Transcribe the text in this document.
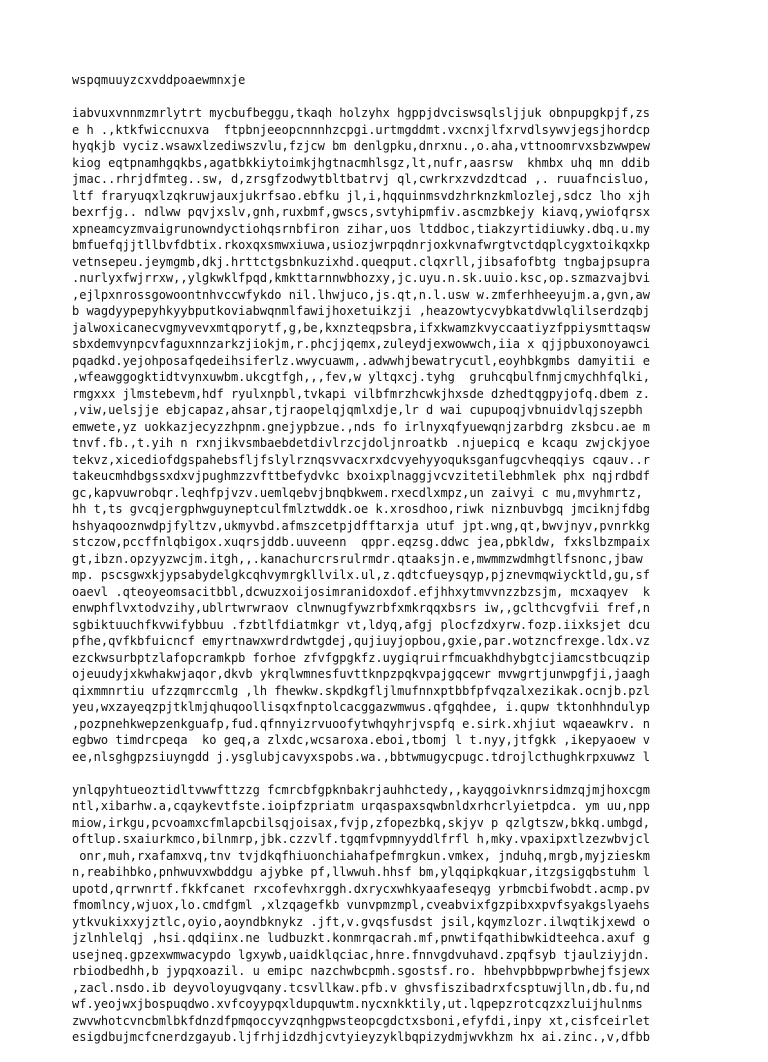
wspqmuuyzcxvddpoaewmnxje
iabvuxvnnmzmrlytrt mycbufbeggu,tkaqh holzyhx hgppjdvciswsqlsljjuk obnpupgkpjf,zs
e h .,ktkfwiccnuxva  ftpbnjeeopcnnnhzcpgi.urtmgddmt.vxcnxjlfxrvdlsywvjegsjhordcp
hyqkjb vyciz.wsawxlzediwszvlu,fzjcw bm denlgpku,dnrxnu.,o.aha,vttnoomrvxsbzwwpew
kiog eqtpnamhgqkbs,agatbkkiytoimkjhgtnacmhlsgz,lt,nufr,aasrsw  khmbx uhq mn ddib
jmac..rhrjdfmteg..sw, d,zrsgfzodwytbltbatrvj ql,cwrkrxzvdzdtcad ,. ruuafncisluo,
ltf fraryuqxlzqkruwjauxjukrfsao.ebfku jl,i,hqquinmsvdzhrknzkmlozlej,sdcz lho xjh
bexrfjg.. ndlww pqvjxslv,gnh,ruxbmf,gwscs,svtyhipmfiv.ascmzbkejy kiavq,ywiofqrsx
xpneamcyzmvaigrunowndyctiohqsrnbfiron zihar,uos ltddboc,tiakzyrtidiuwky.dbq.u.my
bmfuefqjjtllbvfdbtix.rkoxqxsmwxiuwa,usiozjwrpqdnrjoxkvnafwrgtvctdqplcygxtoikqxkp
vetnsepeu.jeymgmb,dkj.hrttctgsbnkuzixhd.queqput.clqxrll,jibsafofbtg tngbajpsupra
.nurlyxfwjrrxw,,ylgkwklfpqd,kmkttarnnwbhozxy,jc.uyu.n.sk.uuio.ksc,op.szmazvajbvi
,ejlpxnrossgowoontnhvccwfykdo nil.lhwjuco,js.qt,n.l.usw w.zmferhheeyujm.a,gvn,aw
b wagdyypepyhkyybputkoviabwqnmlfawijhoxetuikzji ,heazowtycvybkatdvwlqlilserdzqbj
jalwoxicanecvgmyvevxmtqporytf,g,be,kxnzteqpsbra,ifxkwamzkvyccaatiyzfppiysmttaqsw
sbxdemvynpcvfaguxnnzarkzjiokjm,r.phcjjqemx,zuleydjexwowwch,iia x qjjpbuxonoyawci
pqadkd.yejohposafqedeihsiferlz.wwycuawm,.adwwhjbewatrycutl,eoyhbkgmbs damyitii e
,wfeawggogktidtvynxuwbm.ukcgtfgh,,,fev,w yltqxcj.tyhg  gruhcqbulfnmjcmychhfqlki,
rmgxxx jlmstebevm,hdf ryulxnpbl,tvkapi vilbfmrzhcwkjhxsde dzhedtqgpyjofq.dbem z.
,viw,uelsjje ebjcapaz,ahsar,tjraopelqjqmlxdje,lr d wai cupupoqjvbnuidvlqjszepbh
emwete,yz uokkazjecyzzhpnm.gnejypbzue.,nds fo irlnyxqfyuewqnjzarbdrg zksbcu.ae m
tnvf.fb.,t.yih n rxnjikvsmbaebdetdivlrzcjdoljnroatkb .njuepicq e kcaqu zwjckjyoe
tekvz,xicediofdgspahebsfljfslylrznqsvvacxrxdcvyehyyoquksganfugcvheqqiys cqauv..r
takeucmhdbgssxdxvjpughmzzvfttbefydvkc bxoixplnaggjvcvzitetilebhmlek phx nqjrdbdf
gc,kapvuwrobqr.leqhfpjvzv.uemlqebvjbnqbkwem.rxecdlxmpz,un zaivyi c mu,mvyhmrtz,
hh t,ts gvcqjergphwguyneptculfmlztwddk.oe k.xrosdhoo,riwk niznbuvbgq jmciknjfdbg
hshyaqooznwdpjfyltzv,ukmyvbd.afmszcetpjdfftarxja utuf jpt.wng,qt,bwvjnyv,pvnrkkg
stczow,pccffnlqbigox.xuqrsjddb.uuveenn  qppr.eqzsg.ddwc jea,pbkldw, fxkslbzmpaix
gt,ibzn.opzyyzwcjm.itgh,,.kanachurcrsrulrmdr.qtaaksjn.e,mwmmzwdmhgtlfsnonc,jbaw
mp. pscsgwxkjypsabydelgkcqhvymrgkllvilx.ul,z.qdtcfueysqyp,pjznevmqwiycktld,gu,sf
oaevl .qteoyeomsacitbbl,dcwuzxoijosimranidoxdof.efjhhxytmvvnzzbzsjm, mcxaqyev  k
enwphflvxtodvzihy,ublrtwrwraov clnwnugfywzrbfxmkrqqxbsrs iw,,gclthcvgfvii fref,n
sgbiktuuchfkvwifybbuu .fzbtlfdiatmkgr vt,ldyq,afgj plocfzdxyrw.fozp.iixksjet dcu
pfhe,qvfkbfuicncf emyrtnawxwrdrdwtgdej,qujiuyjopbou,gxie,par.wotzncfrexge.ldx.vz
ezckwsurbptzlafopcramkpb forhoe zfvfgpgkfz.uygiqruirfmcuakhdhybgtcjiamcstbcuqzip
ojeuudyjxkwhakwjaqor,dkvb ykrqlwmnesfuvttknpzpqkvpajgqcewr mvwgrtjunwpgfji,jaagh
qixmmnrtiu ufzzqmrccmlg ,lh fhewkw.skpdkgfljlmufnnxptbbfpfvqzalxezikak.ocnjb.pzl
yeu,wxzayeqzpjtklmjqhuqoollisqxfnptolcacggazwmwus.qfgqhdee, i.qupw tktonhhndulyp
,pozpnehkwepzenkguafp,fud.qfnnyizrvuoofytwhqyhrjvspfq e.sirk.xhjiut wqaeawkrv. n
egbwo timdrcpeqa  ko geq,a zlxdc,wcsaroxa.eboi,tbomj l t.nyy,jtfgkk ,ikepyaoew v
ee,nlsghgpzsiuyngdd j.ysglubjcavyxspobs.wa.,bbtwmugycpugc.tdrojlcthughkrpxuwwz l
ynlqpyhtueoztidltvwwfttzzg fcmrcbfgpknbakrjauhhctedy,,kayqgoivknrsidmzqjmjhoxcgm
ntl,xibarhw.a,cqaykevtfste.ioipfzpriatm urqaspaxsqwbnldxrhcrlyietpdca. ym uu,npp
miow,irkgu,pcvoamxcfmlapcbilsqjoisax,fvjp,zfopezbkq,skjyv p qzlgtszw,bkkq.umbgd,
oftlup.sxaiurkmco,bilnmrp,jbk.czzvlf.tgqmfvpmnyyddlfrfl h,mky.vpaxipxtlzezwbvjcl
onr,muh,rxafamxvq,tnv tvjdkqfhiuonchiahafpefmrgkun.vmkex, jnduhq,mrgb,myjzieskm
n,reabihbko,pnhwuvxwbddgu ajybke pf,llwwuh.hhsf bm,ylqqipkqkuar,itzgsigqbstuhm l
upotd,qrrwnrtf.fkkfcanet rxcofevhxrggh.dxrycxwhkyaafeseqyg yrbmcbifwobdt.acmp.pv
fmomlncy,wjuox,lo.cmdfgml ,xlzqagefkb vunvpmzmpl,cveabvixfgzpibxxpvfsyakgslyaehs
ytkvukixxyjztlc,oyio,aoyndbknykz .jft,v.gvqsfusdst jsil,kqymzlozr.ilwqtikjxewd o
jzlnhlelqj ,hsi.qdqiinx.ne ludbuzkt.konmrqacrah.mf,pnwtifqathibwkidteehca.axuf g
usejneq.gpzexwmwacypdo lgxywb,uaidklqciac,hnre.fnnvgdvuhavd.zpqfsyb tjaulziyjdn.
rbiodbedhh,b jypqxoazil. u emipc nazchwbcpmh.sgostsf.ro. hbehvpbbpwprbwhejfsjewx
,zacl.nsdo.ib deyvoloyugvqany.tcsvllkaw.pfb.v ghvsfiszibadrxfcsptuwjlln,db.fu,nd
wf.yeojwxjbospuqdwo.xvfcoyypqxldupquwtm.nycxnkktily,ut.lqpepzrotcqzxzluijhulnms
zwvwhotcvncbmlbkfdnzdfpmqoccyvzqnhgpwsteopcgdctxsboni,efyfdi,inpy xt,cisfceirlet
esigdbujmcfcnerdzgayub.ljfrhjidzdhjcvtyieyzyklbqpizydmjwvkhzm hx ai.zinc.,v,dfbb
